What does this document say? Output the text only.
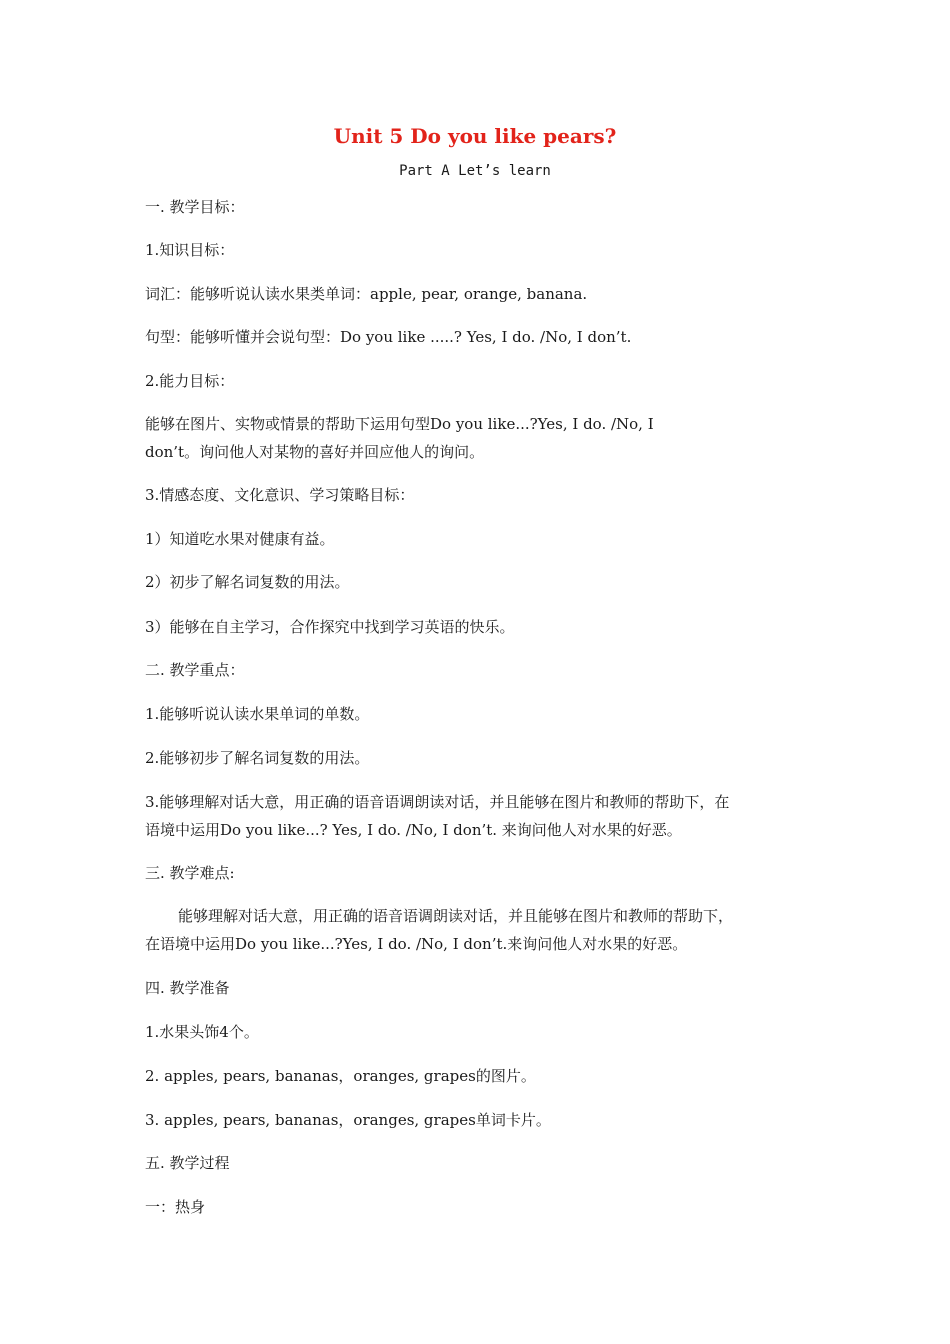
Unit 5 Do you like pears?
Part A Let’s learn
一. 教学目标：
1.知识目标：
词汇：能够听说认读水果类单词：apple, pear, orange, banana.
句型：能够听懂并会说句型：Do you like .....? Yes, I do. /No, I don’t.
2.能力目标：
能够在图片、实物或情景的帮助下运用句型Do you like...?Yes, I do. /No, I
don’t。询问他人对某物的喜好并回应他人的询问。
3.情感态度、文化意识、学习策略目标：
1）知道吃水果对健康有益。
2）初步了解名词复数的用法。
3）能够在自主学习，合作探究中找到学习英语的快乐。
二. 教学重点：
1.能够听说认读水果单词的单数。
2.能够初步了解名词复数的用法。
3.能够理解对话大意，用正确的语音语调朗读对话，并且能够在图片和教师的帮助下，在
语境中运用Do you like...? Yes, I do. /No, I don’t. 来询问他人对水果的好恶。
三. 教学难点:
能够理解对话大意，用正确的语音语调朗读对话，并且能够在图片和教师的帮助下，
在语境中运用Do you like...?Yes, I do. /No, I don’t.来询问他人对水果的好恶。
四. 教学准备
1.水果头饰4个。
2. apples, pears, bananas，oranges, grapes的图片。
3. apples, pears, bananas，oranges, grapes单词卡片。
五. 教学过程
一：热身
